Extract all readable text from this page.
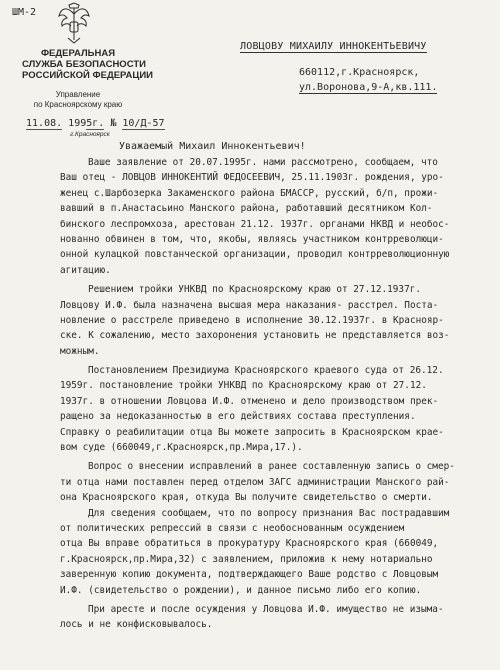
ШМ-2
ФЕДЕРАЛЬНАЯ
СЛУЖБА БЕЗОПАСНОСТИ
РОССИЙСКОЙ ФЕДЕРАЦИИ
Управление
по Красноярскому краю
11.08. 1995г. № 10/Д-57
г.Красноярск
ЛОВЦОВУ МИХАИЛУ ИННОКЕНТЬЕВИЧУ
660112,г.Красноярск,
ул.Воронова,9-А,кв.111.
Уважаемый Михаил Иннокентьевич!
Ваше заявление от 20.07.1995г. нами рассмотрено, сообщаем, что
Ваш отец - ЛОВЦОВ ИННОКЕНТИЙ ФЕДОСЕЕВИЧ, 25.11.1903г. рождения, уро-
женец с.Шарбозерка Закаменского района БМАССР, русский, б/п, прожи-
вавший в п.Анастасьино Манского района, работавший десятником Кол-
бинского леспромхоза, арестован 21.12. 1937г. органами НКВД и необос-
нованно обвинен в том, что, якобы, являясь участником контрреволюци-
онной кулацкой повстанческой организации, проводил контрреволюционную
агитацию.
Решением тройки УНКВД по Красноярскому краю от 27.12.1937г.
Ловцову И.Ф. была назначена высшая мера наказания- расстрел. Поста-
новление о расстреле приведено в исполнение 30.12.1937г. в Краснояр-
ске. К сожалению, место захоронения установить не представляется воз-
можным.
Постановлением Президиума Красноярского краевого суда от 26.12.
1959г. постановление тройки УНКВД по Красноярскому краю от 27.12.
1937г. в отношении Ловцова И.Ф. отменено и дело производством прек-
ращено за недоказанностью в его действиях состава преступления.
Справку о реабилитации отца Вы можете запросить в Красноярском крае-
вом суде (660049,г.Красноярск,пр.Мира,17.).
Вопрос о внесении исправлений в ранее составленную запись о смер-
ти отца нами поставлен перед отделом ЗАГС администрации Манского рай-
она Красноярского края, откуда Вы получите свидетельство о смерти.
Для сведения сообщаем, что по вопросу признания Вас пострадавшим
от политических репрессий в связи с необоснованным осуждением
отца Вы вправе обратиться в прокуратуру Красноярского края (660049,
г.Красноярск,пр.Мира,32) с заявлением, приложив к нему нотариально
заверенную копию документа, подтверждающего Ваше родство с Ловцовым
И.Ф. (свидетельство о рождении), и данное письмо либо его копию.
При аресте и после осуждения у Ловцова И.Ф. имущество не изыма-
лось и не конфисковывалось.
